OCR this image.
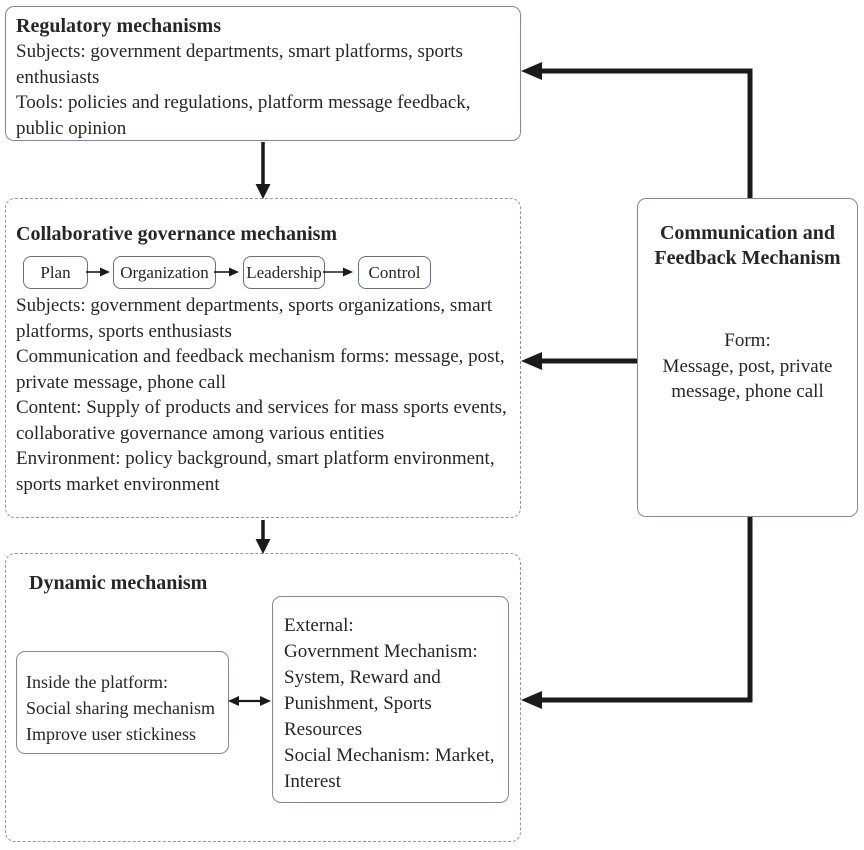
Regulatory mechanisms
Subjects: government departments, smart platforms, sports enthusiasts
Tools: policies and regulations, platform message feedback, public opinion
Collaborative governance mechanism
Plan	Organization Leadership	Control
Subjects: government departments, sports organizations, smart platforms, sports enthusiasts
Communication and feedback mechanism forms: message, post, private message, phone call
Content: Supply of products and services for mass sports events, collaborative governance among various entities
Environment: policy background, smart platform environment, sports market environment
Dynamic mechanism
Inside the platform:
Social sharing mechanism
Improve user stickiness
External:
Government Mechanism: System, Reward and Punishment, Sports Resources
Social Mechanism: Market, Interest
Communication and Feedback Mechanism
Form:
Message, post, private message, phone call
